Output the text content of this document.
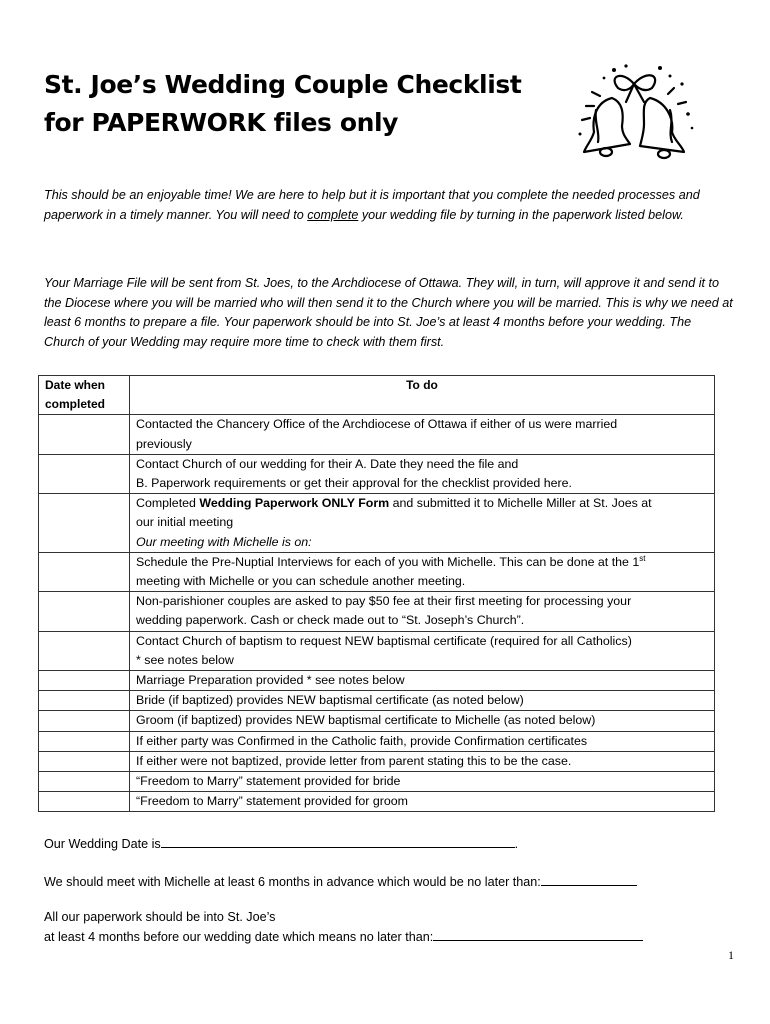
St. Joe’s Wedding Couple Checklist
for PAPERWORK files only

This should be an enjoyable time! We are here to help but it is important that you complete the needed processes and paperwork in a timely manner. You will need to complete your wedding file by turning in the paperwork listed below.

Your Marriage File will be sent from St. Joes, to the Archdiocese of Ottawa. They will, in turn, will approve it and send it to the Diocese where you will be married who will then send it to the Church where you will be married. This is why we need at least 6 months to prepare a file. Your paperwork should be into St. Joe’s at least 4 months before your wedding. The Church of your Wedding may require more time to check with them first.

Date when
completed	To do

	Contacted the Chancery Office of the Archdiocese of Ottawa if either of us were married
previously

	Contact Church of our wedding for their A. Date they need the file and
B. Paperwork requirements or get their approval for the checklist provided here.

	Completed Wedding Paperwork ONLY Form and submitted it to Michelle Miller at St. Joes at
our initial meeting
Our meeting with Michelle is on:

	Schedule the Pre-Nuptial Interviews for each of you with Michelle. This can be done at the 1st
meeting with Michelle or you can schedule another meeting.

	Non-parishioner couples are asked to pay $50 fee at their first meeting for processing your
wedding paperwork. Cash or check made out to “St. Joseph’s Church”.

	Contact Church of baptism to request NEW baptismal certificate (required for all Catholics)
* see notes below

	Marriage Preparation provided * see notes below
	Bride (if baptized) provides NEW baptismal certificate (as noted below)
	Groom (if baptized) provides NEW baptismal certificate to Michelle (as noted below)
	If either party was Confirmed in the Catholic faith, provide Confirmation certificates
	If either were not baptized, provide letter from parent stating this to be the case.
	“Freedom to Marry” statement provided for bride
	“Freedom to Marry” statement provided for groom

Our Wedding Date is	.

We should meet with Michelle at least 6 months in advance which would be no later than:

All our paperwork should be into St. Joe’s
at least 4 months before our wedding date which means no later than:

1
